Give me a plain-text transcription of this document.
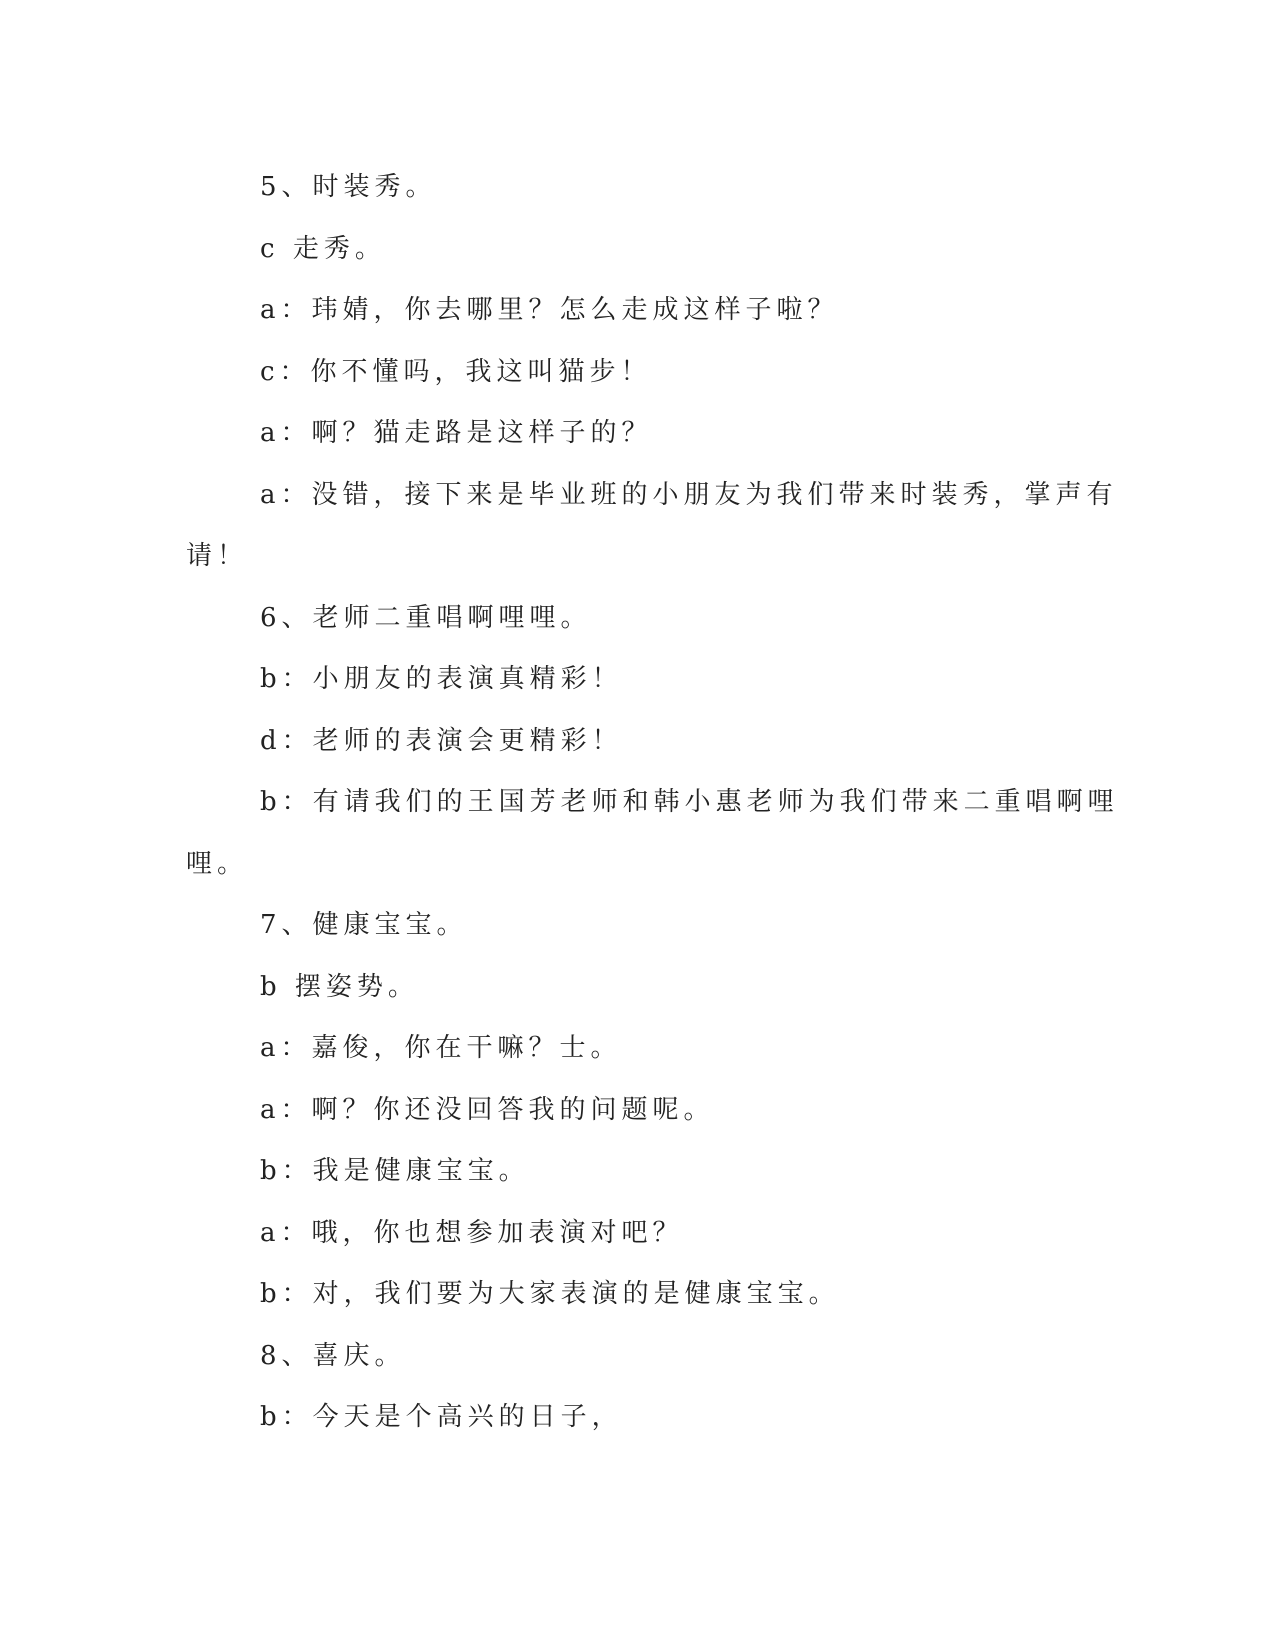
5、时装秀。
c 走秀。
a：玮婧，你去哪里？怎么走成这样子啦？
c：你不懂吗，我这叫猫步！
a：啊？猫走路是这样子的？
a：没错，接下来是毕业班的小朋友为我们带来时装秀，掌声有
请！
6、老师二重唱啊哩哩。
b：小朋友的表演真精彩！
d：老师的表演会更精彩！
b：有请我们的王国芳老师和韩小惠老师为我们带来二重唱啊哩
哩。
7、健康宝宝。
b 摆姿势。
a：嘉俊，你在干嘛？士。
a：啊？你还没回答我的问题呢。
b：我是健康宝宝。
a：哦，你也想参加表演对吧？
b：对，我们要为大家表演的是健康宝宝。
8、喜庆。
b：今天是个高兴的日子，
